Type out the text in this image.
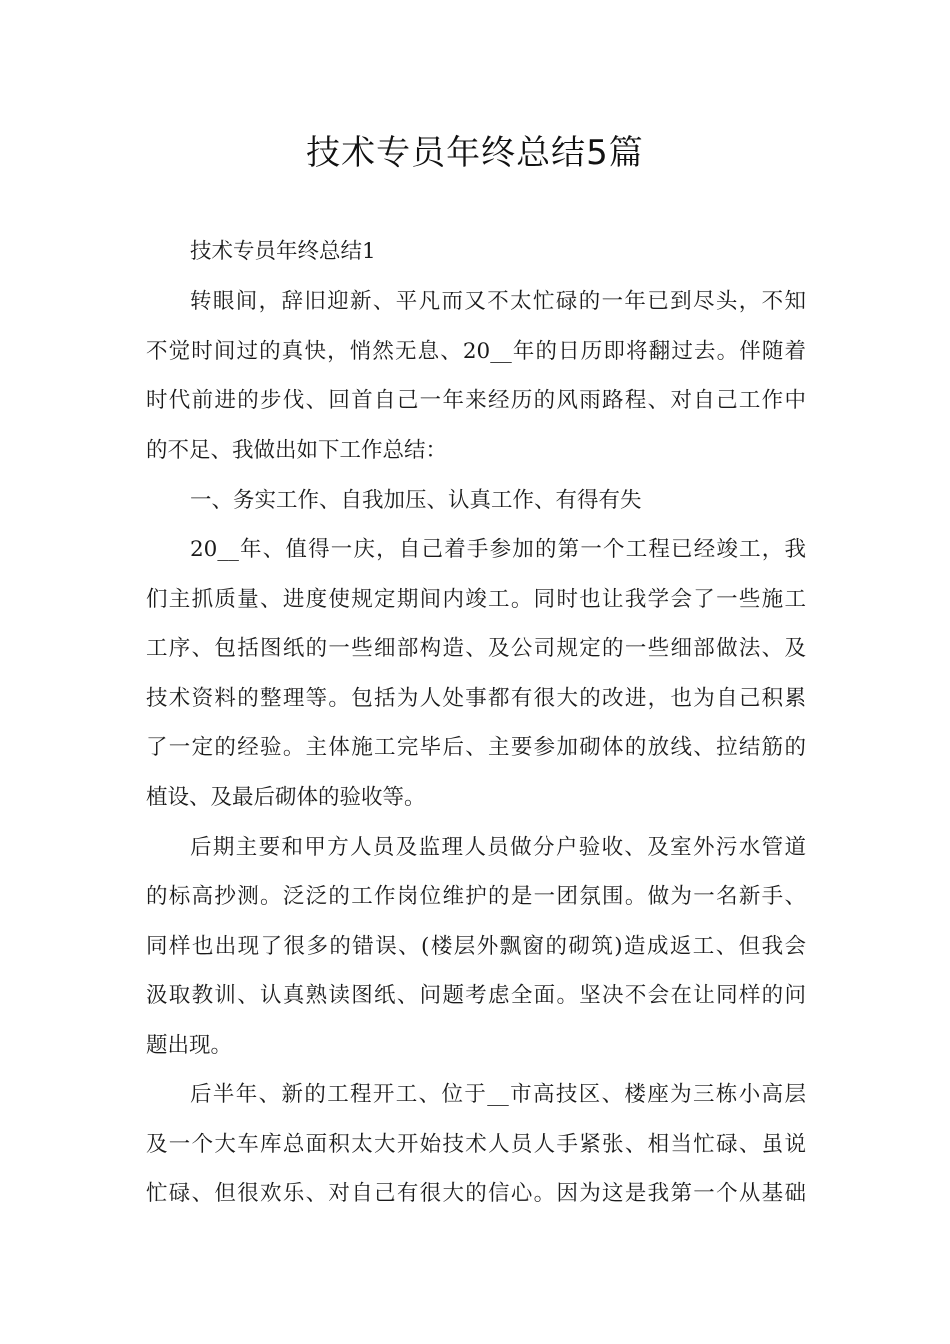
技术专员年终总结5篇
技术专员年终总结1
转眼间，辞旧迎新、平凡而又不太忙碌的一年已到尽头，不知
不觉时间过的真快，悄然无息、20__年的日历即将翻过去。伴随着
时代前进的步伐、回首自己一年来经历的风雨路程、对自己工作中
的不足、我做出如下工作总结：
一、务实工作、自我加压、认真工作、有得有失
20__年、值得一庆，自己着手参加的第一个工程已经竣工，我
们主抓质量、进度使规定期间内竣工。同时也让我学会了一些施工
工序、包括图纸的一些细部构造、及公司规定的一些细部做法、及
技术资料的整理等。包括为人处事都有很大的改进，也为自己积累
了一定的经验。主体施工完毕后、主要参加砌体的放线、拉结筋的
植设、及最后砌体的验收等。
后期主要和甲方人员及监理人员做分户验收、及室外污水管道
的标高抄测。泛泛的工作岗位维护的是一团氛围。做为一名新手、
同样也出现了很多的错误、(楼层外飘窗的砌筑)造成返工、但我会
汲取教训、认真熟读图纸、问题考虑全面。坚决不会在让同样的问
题出现。
后半年、新的工程开工、位于__市高技区、楼座为三栋小高层
及一个大车库总面积太大开始技术人员人手紧张、相当忙碌、虽说
忙碌、但很欢乐、对自己有很大的信心。因为这是我第一个从基础
